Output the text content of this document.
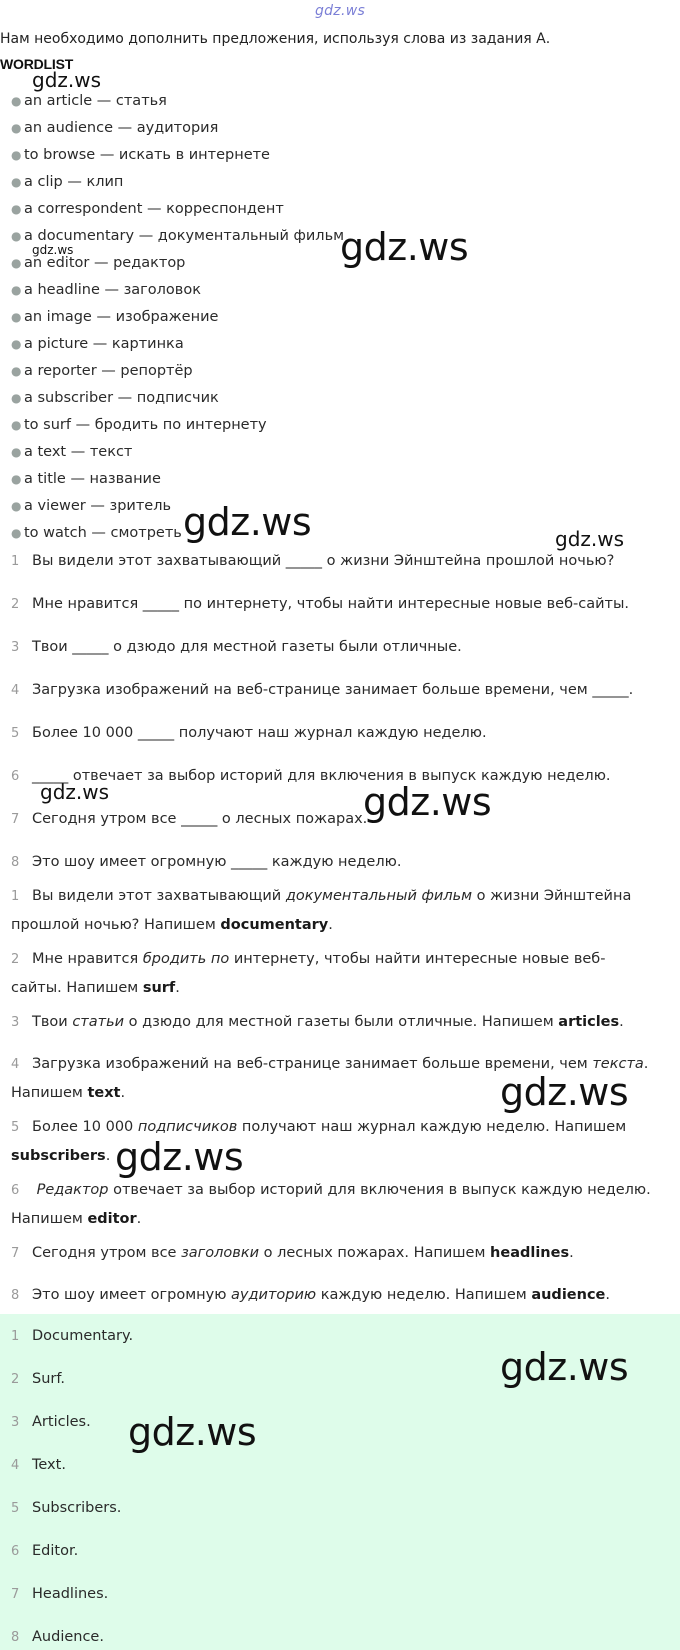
gdz.ws

Нам необходимо дополнить предложения, используя слова из задания А.

WORDLIST
● an article — статья
● an audience — аудитория
● to browse — искать в интернете
● a clip — клип
● a correspondent — корреспондент
● a documentary — документальный фильм
● an editor — редактор
● a headline — заголовок
● an image — изображение
● a picture — картинка
● a reporter — репортёр
● a subscriber — подписчик
● to surf — бродить по интернету
● a text — текст
● a title — название
● a viewer — зритель
● to watch — смотреть
1 Вы видели этот захватывающий _____ о жизни Эйнштейна прошлой ночью?
2 Мне нравится _____ по интернету, чтобы найти интересные новые веб-сайты.
3 Твои _____ о дзюдо для местной газеты были отличные.
4 Загрузка изображений на веб-странице занимает больше времени, чем _____.
5 Более 10 000 _____ получают наш журнал каждую неделю.
6 _____ отвечает за выбор историй для включения в выпуск каждую неделю.
7 Сегодня утром все _____ о лесных пожарах.
8 Это шоу имеет огромную _____ каждую неделю.
1 Вы видели этот захватывающий документальный фильм о жизни Эйнштейна прошлой ночью? Напишем documentary.
2 Мне нравится бродить по интернету, чтобы найти интересные новые веб-сайты. Напишем surf.
3 Твои статьи о дзюдо для местной газеты были отличные. Напишем articles.
4 Загрузка изображений на веб-странице занимает больше времени, чем текста. Напишем text.
5 Более 10 000 подписчиков получают наш журнал каждую неделю. Напишем subscribers.
6 Редактор отвечает за выбор историй для включения в выпуск каждую неделю. Напишем editor.
7 Сегодня утром все заголовки о лесных пожарах. Напишем headlines.
8 Это шоу имеет огромную аудиторию каждую неделю. Напишем audience.
1 Documentary.
2 Surf.
3 Articles.
4 Text.
5 Subscribers.
6 Editor.
7 Headlines.
8 Audience.
gdz.ws
gdz.ws	gdz.ws
gdz.ws	gdz.ws
gdz.ws	gdz.ws
gdz.ws
gdz.ws
gdz.ws
gdz.ws
